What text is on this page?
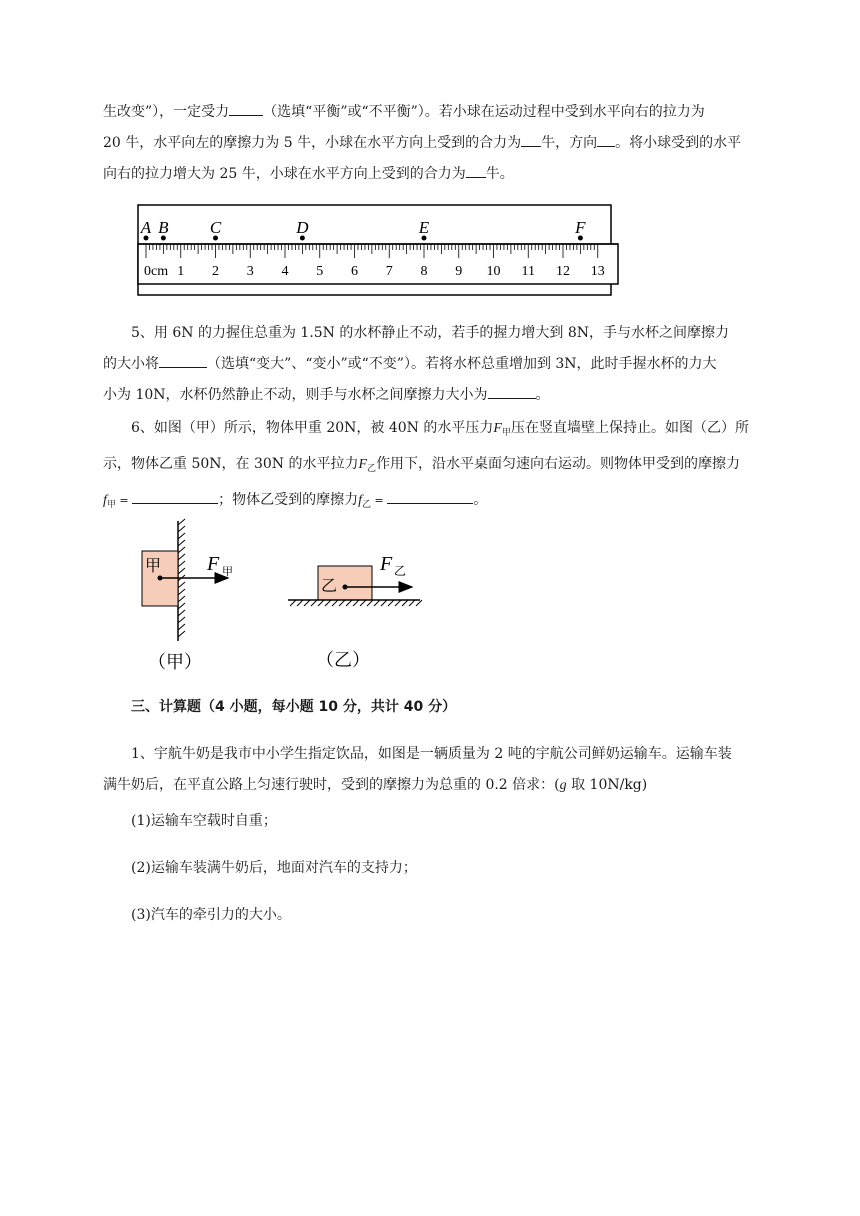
生改变”），一定受力 （选填“平衡”或“不平衡”）。若小球在运动过程中受到水平向右的拉力为
20 牛，水平向左的摩擦力为 5 牛，小球在水平方向上受到的合力为 牛，方向 。将小球受到的水平
向右的拉力增大为 25 牛，小球在水平方向上受到的合力为 牛。
0cm 1 2 3 4 5 6 7 8 9 10 11 12 13
A B C	D	E	F
5、用 6N 的力握住总重为 1.5N 的水杯静止不动，若手的握力增大到 8N，手与水杯之间摩擦力
的大小将	（选填“变大”、“变小”或“不变”）。若将水杯总重增加到 3N，此时手握水杯的力大
小为 10N，水杯仍然静止不动，则手与水杯之间摩擦力大小为	。
6、如图（甲）所示，物体甲重 20N，被 40N 的水平压力$F_甲$压在竖直墙壁上保持止。如图（乙）所
示，物体乙重 50N，在 30N 的水平拉力$F_乙$作用下，沿水平桌面匀速向右运动。则物体甲受到的摩擦力
$f_甲$ =	；物体乙受到的摩擦力$f_乙$ =	。
甲 F 甲
（甲）
乙
F 乙
（乙）
三、计算题（4 小题，每小题 10 分，共计 40 分）
1、宇航牛奶是我市中小学生指定饮品，如图是一辆质量为 2 吨的宇航公司鲜奶运输车。运输车装
满牛奶后，在平直公路上匀速行驶时，受到的摩擦力为总重的 0.2 倍求：(g 取 10N/kg)
(1)运输车空载时自重；
(2)运输车装满牛奶后，地面对汽车的支持力；
(3)汽车的牵引力的大小。
